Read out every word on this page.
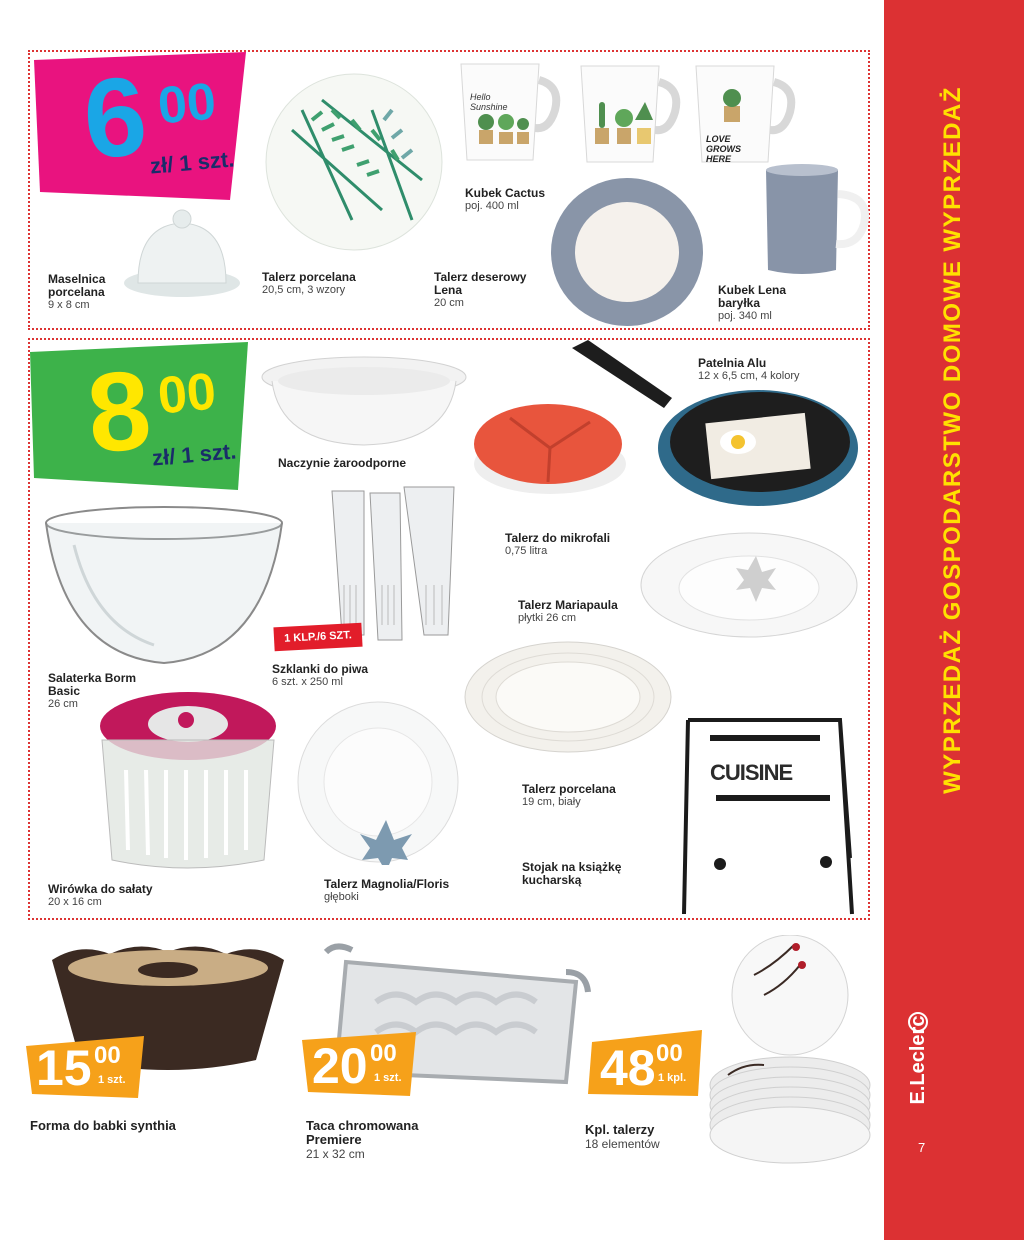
WYPRZEDAŻ GOSPODARSTWO DOMOWE WYPRZEDAŻ
E.Leclerc
7
6 00
zł/ 1 szt.
8 00
zł/ 1 szt.
Hello Sunshine
LOVE GROWS HERE
Maselnica
porcelana
9 x 8 cm
Talerz porcelana
20,5 cm, 3 wzory
Talerz deserowy
Lena
20 cm
Kubek Cactus
poj. 400 ml
Kubek Lena
baryłka
poj. 340 ml
1 KLP./6 SZT.
CUISINE
Naczynie żaroodporne
Patelnia Alu
12 x 6,5 cm, 4 kolory
Talerz do mikrofali
0,75 litra
Salaterka Borm
Basic
26 cm
Szklanki do piwa
6 szt. x 250 ml
Talerz Mariapaula
płytki 26 cm
Talerz porcelana
19 cm, biały
Stojak na książkę
kucharską
Wirówka do sałaty
20 x 16 cm
Talerz Magnolia/Floris
głęboki
15 00
1 szt.	20 00
1 szt.	48 00
1 kpl.
Forma do babki synthia	Taca chromowana
Premiere
21 x 32 cm
Kpl. talerzy
18 elementów
